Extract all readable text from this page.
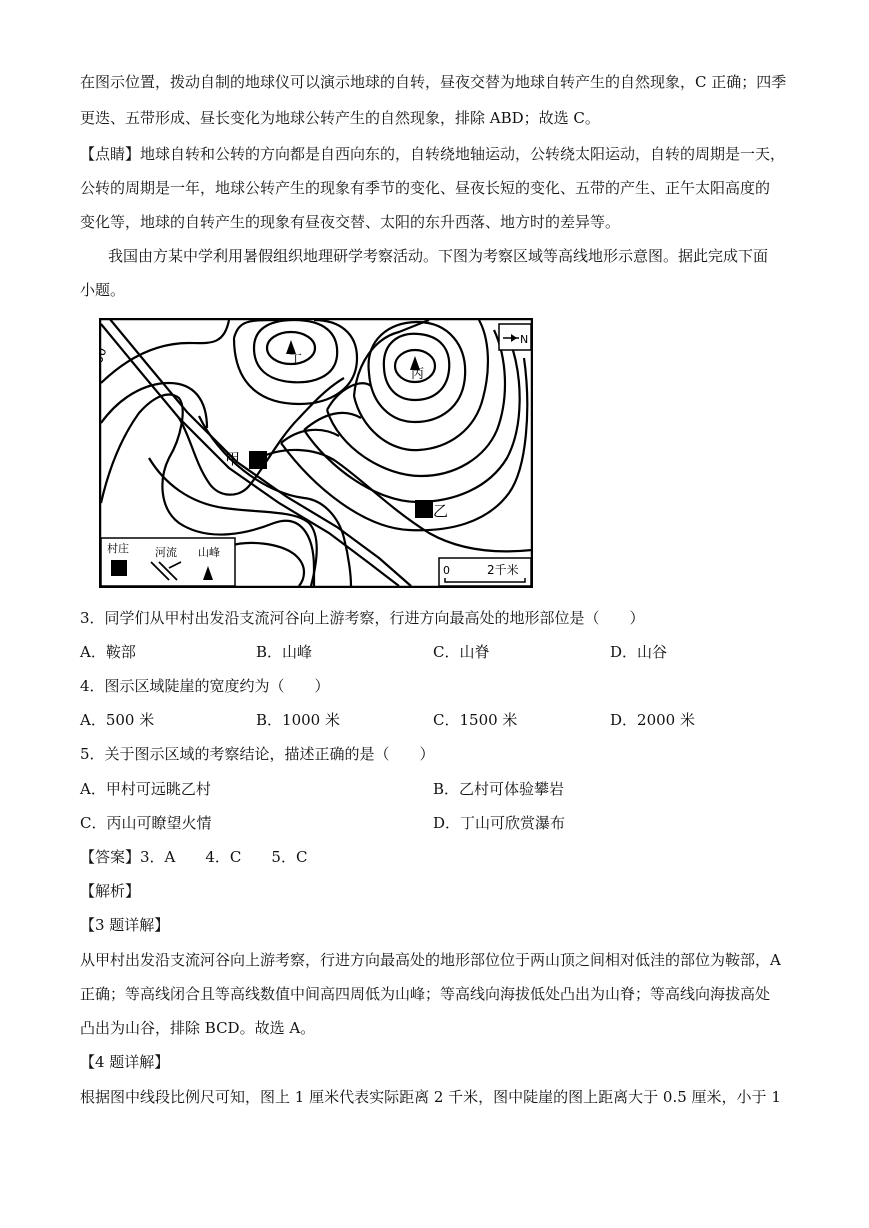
在图示位置，拨动自制的地球仪可以演示地球的自转，昼夜交替为地球自转产生的自然现象，C 正确；四季
更迭、五带形成、昼长变化为地球公转产生的自然现象，排除 ABD；故选 C。
【点睛】地球自转和公转的方向都是自西向东的，自转绕地轴运动，公转绕太阳运动，自转的周期是一天，
公转的周期是一年，地球公转产生的现象有季节的变化、昼夜长短的变化、五带的产生、正午太阳高度的
变化等，地球的自转产生的现象有昼夜交替、太阳的东升西落、地方时的差异等。
我国由方某中学利用暑假组织地理研学考察活动。下图为考察区域等高线地形示意图。据此完成下面
小题。
甲
乙
丙
丁
500
N
村庄 河流 山峰
0	2千米
3．同学们从甲村出发沿支流河谷向上游考察，行进方向最高处的地形部位是（　　）
A．鞍部	B．山峰	C．山脊	D．山谷
4．图示区域陡崖的宽度约为（　　）
A．500 米	B．1000 米	C．1500 米	D．2000 米
5．关于图示区域的考察结论，描述正确的是（　　）
A．甲村可远眺乙村	B．乙村可体验攀岩
C．丙山可瞭望火情	D．丁山可欣赏瀑布
【答案】3．A　　4．C　　5．C
【解析】
【3 题详解】
从甲村出发沿支流河谷向上游考察，行进方向最高处的地形部位位于两山顶之间相对低洼的部位为鞍部，A
正确；等高线闭合且等高线数值中间高四周低为山峰；等高线向海拔低处凸出为山脊；等高线向海拔高处
凸出为山谷，排除 BCD。故选 A。
【4 题详解】
根据图中线段比例尺可知，图上 1 厘米代表实际距离 2 千米，图中陡崖的图上距离大于 0.5 厘米，小于 1
